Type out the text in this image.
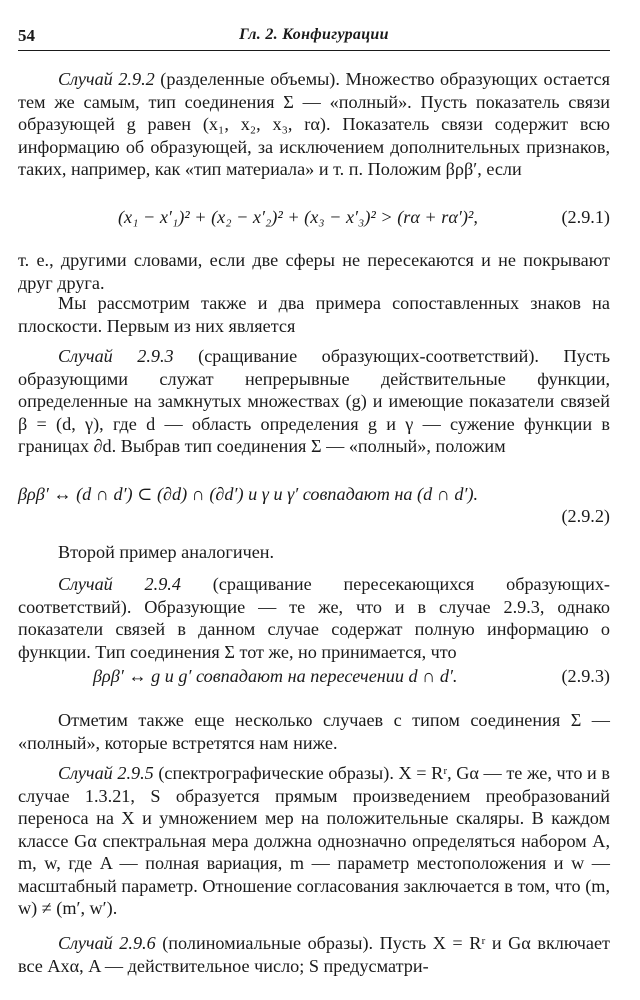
54	Гл. 2. Конфигурации

Случай 2.9.2 (разделенные объемы). Множество образующих остается тем же самым, тип соединения Σ — «полный». Пусть показатель связи образующей g равен (x₁, x₂, x₃, rα). Показатель связи содержит всю информацию об образующей, за исключением дополнительных признаков, таких, например, как «тип материала» и т. п. Положим βρβ′, если

(x₁ − x′₁)² + (x₂ − x′₂)² + (x₃ − x′₃)² > (rα + rα′)²,	(2.9.1)

т. е., другими словами, если две сферы не пересекаются и не покрывают друг друга.

Мы рассмотрим также и два примера сопоставленных знаков на плоскости. Первым из них является

Случай 2.9.3 (сращивание образующих-соответствий). Пусть образующими служат непрерывные действительные функции, определенные на замкнутых множествах (g) и имеющие показатели связей β = (d, γ), где d — область определения g и γ — сужение функции в границах ∂d. Выбрав тип соединения Σ — «полный», положим

βρβ′ ↔ (d ∩ d′) ⊂ (∂d) ∩ (∂d′) и γ и γ′ совпадают на (d ∩ d′).
(2.9.2)

Второй пример аналогичен.

Случай 2.9.4 (сращивание пересекающихся образующих-соответствий). Образующие — те же, что и в случае 2.9.3, однако показатели связей в данном случае содержат полную информацию о функции. Тип соединения Σ тот же, но принимается, что

βρβ′ ↔ g и g′ совпадают на пересечении d ∩ d′.	(2.9.3)

Отметим также еще несколько случаев с типом соединения Σ — «полный», которые встретятся нам ниже.

Случай 2.9.5 (спектрографические образы). X = Rʳ, Gα — те же, что и в случае 1.3.21, S образуется прямым произведением преобразований переноса на X и умножением мер на положительные скаляры. В каждом классе Gα спектральная мера должна однозначно определяться набором A, m, w, где A — полная вариация, m — параметр местоположения и w — масштабный параметр. Отношение согласования заключается в том, что (m, w) ≠ (m′, w′).

Случай 2.9.6 (полиномиальные образы). Пусть X = Rʳ и Gα включает все Axα, A — действительное число; S предусматри-
